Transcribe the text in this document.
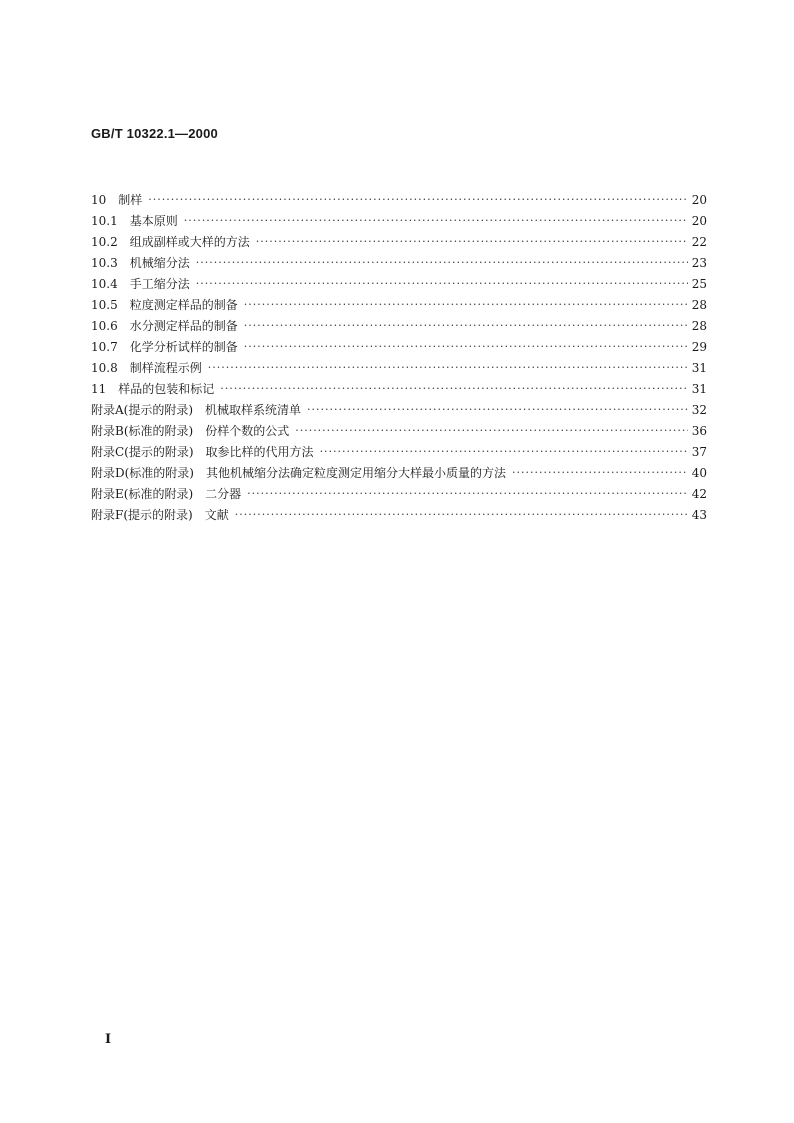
GB/T 10322.1—2000
10 制样 ·····	20
10.1 基本原则 ·····	20
10.2 组成副样或大样的方法 ·····	22
10.3 机械缩分法 ·····	23
10.4 手工缩分法 ·····	25
10.5 粒度测定样品的制备 ·····	28
10.6 水分测定样品的制备 ·····	28
10.7 化学分析试样的制备 ·····	29
10.8 制样流程示例 ·····	31
11 样品的包装和标记 ·····	31
附录A(提示的附录) 机械取样系统清单 ·····	32
附录B(标准的附录) 份样个数的公式 ·····	36
附录C(提示的附录) 取参比样的代用方法 ·····	37
附录D(标准的附录) 其他机械缩分法确定粒度测定用缩分大样最小质量的方法 ·····	40
附录E(标准的附录) 二分器 ·····	42
附录F(提示的附录) 文献 ·····	43
I
